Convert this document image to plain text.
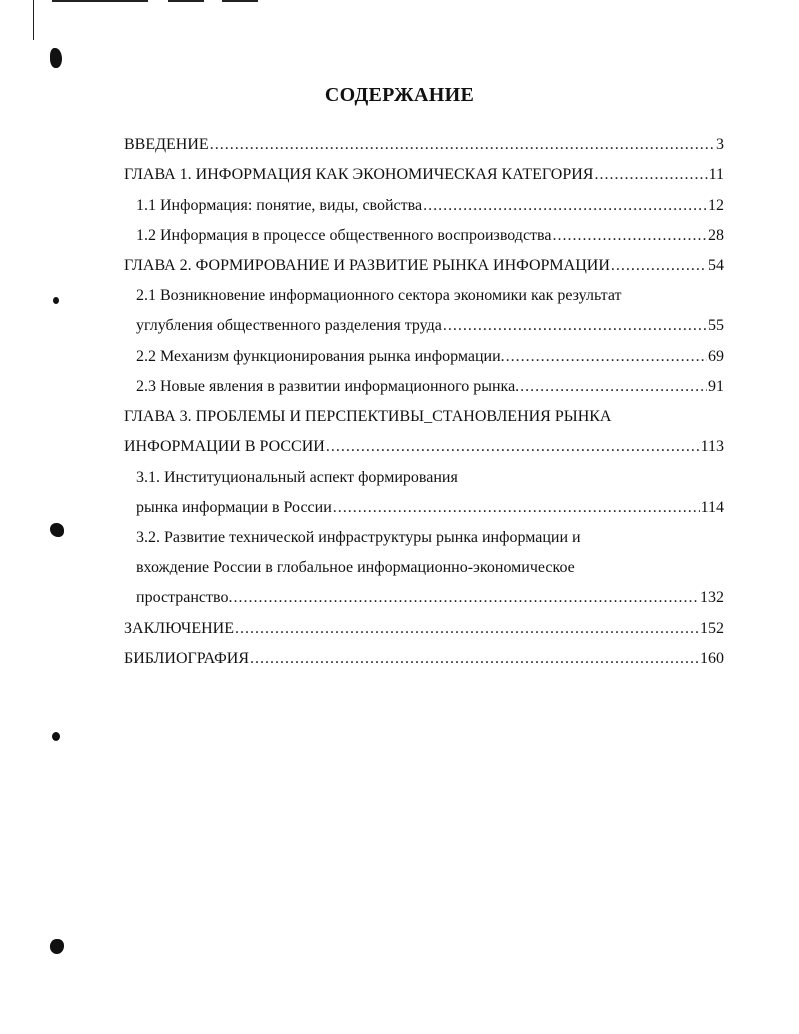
СОДЕРЖАНИЕ
ВВЕДЕНИЕ .....	3
ГЛАВА 1. ИНФОРМАЦИЯ КАК ЭКОНОМИЧЕСКАЯ КАТЕГОРИЯ .....	11
1.1 Информация: понятие, виды, свойства .....	12
1.2 Информация в процессе общественного воспроизводства .....	28
ГЛАВА 2. ФОРМИРОВАНИЕ И РАЗВИТИЕ РЫНКА ИНФОРМАЦИИ .....	54
2.1 Возникновение информационного сектора экономики как результат
углубления общественного разделения труда .....	55
2.2 Механизм функционирования рынка информации. .....	69
2.3 Новые явления в развитии информационного рынка. .....	91
ГЛАВА 3. ПРОБЛЕМЫ И ПЕРСПЕКТИВЫ_СТАНОВЛЕНИЯ РЫНКА
ИНФОРМАЦИИ В РОССИИ .....	113
3.1. Институциональный аспект формирования
рынка информации в России .....	114
3.2. Развитие технической инфраструктуры рынка информации и
вхождение России в глобальное информационно-экономическое
пространство. .....	132
ЗАКЛЮЧЕНИЕ .....	152
БИБЛИОГРАФИЯ .....	160
